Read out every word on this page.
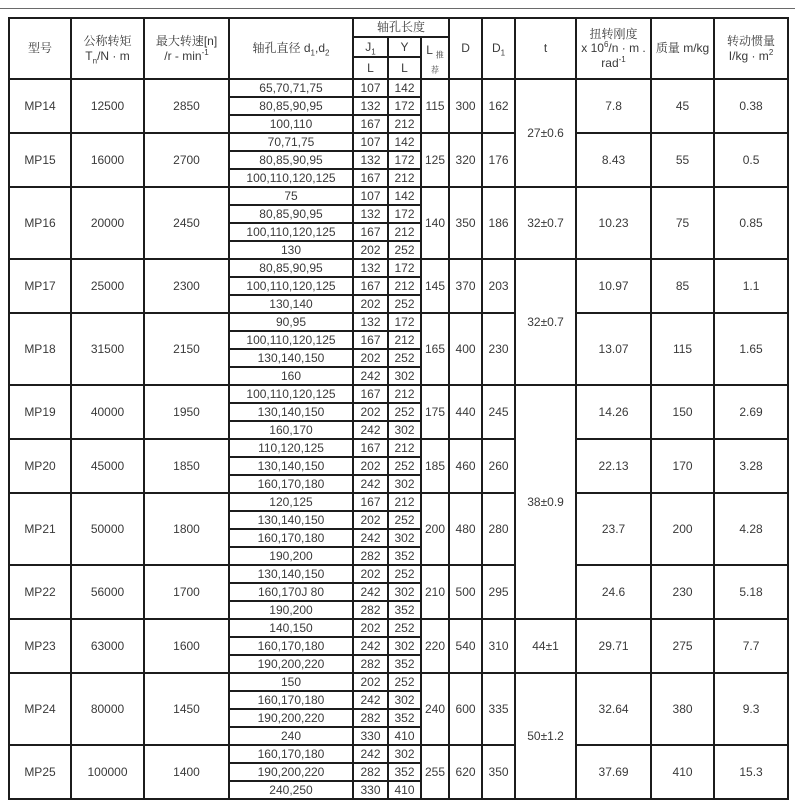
型号	公称转矩
$T_n/N \cdot m$	最大转速[n]
$/r - \min^{-1}$	轴孔直径 $d_1,d_2$	轴孔长度			D	$D_1$	t	扭转刚度
x $10^6/n \cdot m$ .
rad$^{-1}$	质量 m/kg	转动惯量
$I/kg \cdot m^2$
				$J_1$	Y	L $_{推荐}$
				L	L							
MP14	12500	2850	65,70,71,75	107	142	115	300	162	27±0.6	7.8	45	0.38
			80,85,90,95	132	172							
			100,110	167	212							
MP15	16000	2700	70,71,75	107	142	125	320	176		8.43	55	0.5
			80,85,90,95	132	172							
			100,110,120,125	167	212							
MP16	20000	2450	75	107	142	140	350	186	32±0.7	10.23	75	0.85
			80,85,90,95	132	172							
			100,110,120,125	167	212							
			130	202	252							
MP17	25000	2300	80,85,90,95	132	172	145	370	203	32±0.7	10.97	85	1.1
			100,110,120,125	167	212							
			130,140	202	252							
MP18	31500	2150	90,95	132	172	165	400	230		13.07	115	1.65
			100,110,120,125	167	212							
			130,140,150	202	252							
			160	242	302							
MP19	40000	1950	100,110,120,125	167	212	175	440	245	38±0.9	14.26	150	2.69
			130,140,150	202	252							
			160,170	242	302							
MP20	45000	1850	110,120,125	167	212	185	460	260		22.13	170	3.28
			130,140,150	202	252							
			160,170,180	242	302							
MP21	50000	1800	120,125	167	212	200	480	280		23.7	200	4.28
			130,140,150	202	252							
			160,170,180	242	302							
			190,200	282	352							
MP22	56000	1700	130,140,150	202	252	210	500	295		24.6	230	5.18
			160,170J 80	242	302							
			190,200	282	352							
MP23	63000	1600	140,150	202	252	220	540	310	44±1	29.71	275	7.7
			160,170,180	242	302							
			190,200,220	282	352							
MP24	80000	1450	150	202	252	240	600	335	50±1.2	32.64	380	9.3
			160,170,180	242	302							
			190,200,220	282	352							
			240	330	410							
MP25	100000	1400	160,170,180	242	302	255	620	350		37.69	410	15.3
			190,200,220	282	352							
			240,250	330	410							
